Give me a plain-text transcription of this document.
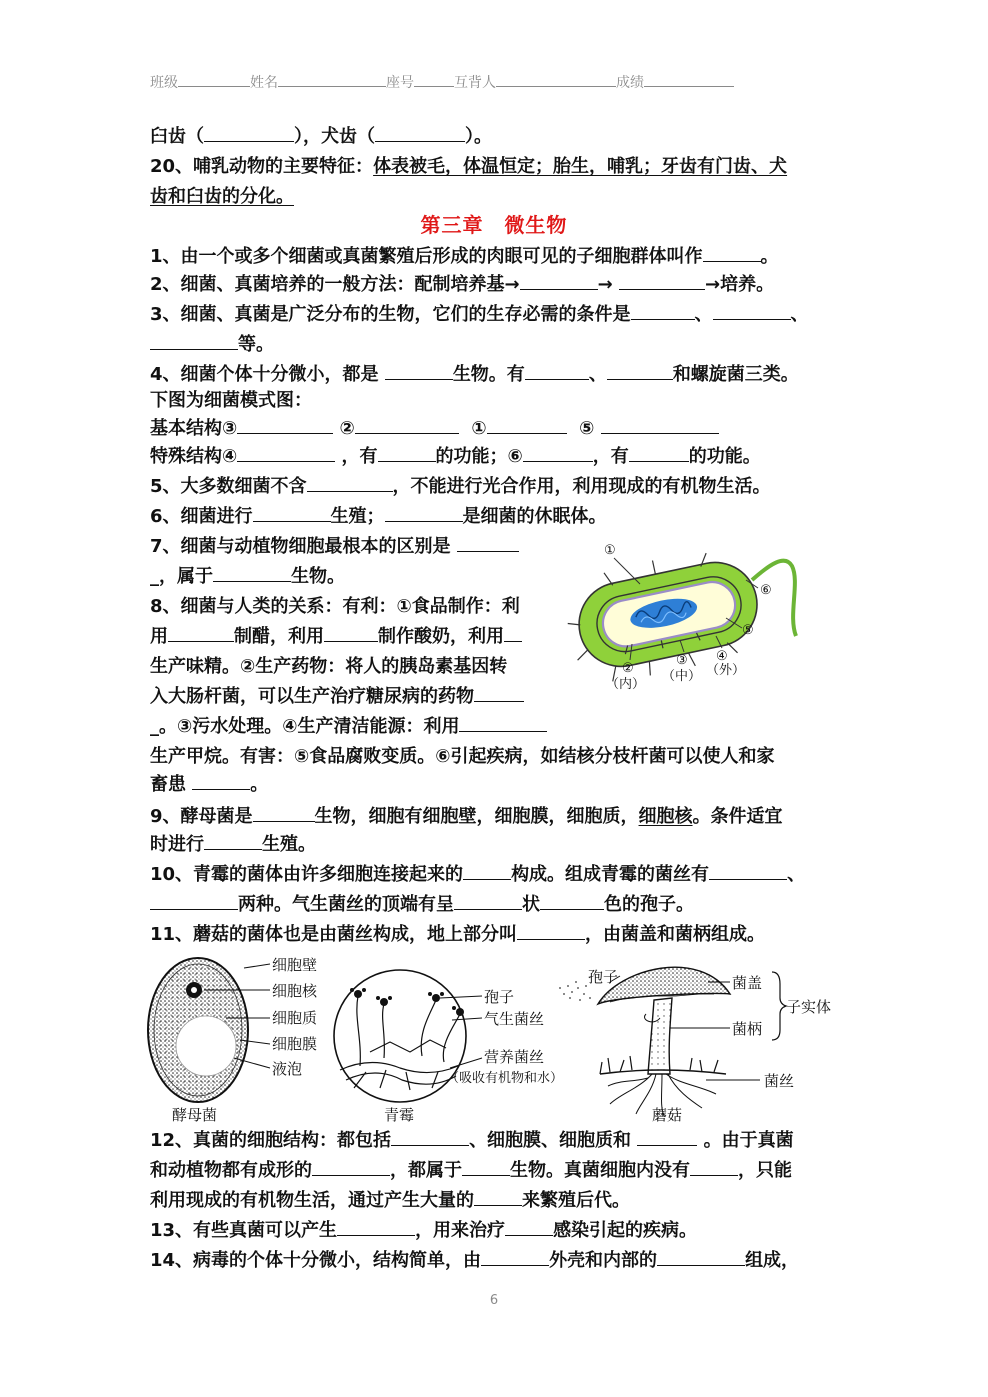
班级	姓名	座号	互背人	成绩
臼齿（	），犬齿（	）。
20、哺乳动物的主要特征：体表被毛，体温恒定；胎生，哺乳；牙齿有门齿、犬
齿和臼齿的分化。
第三章 微生物
1、由一个或多个细菌或真菌繁殖后形成的肉眼可见的子细胞群体叫作	。
2、细菌、真菌培养的一般方法：配制培养基→	→	→培养。
3、细菌、真菌是广泛分布的生物，它们的生存必需的条件是	、	、
等。
4、细菌个体十分微小，都是	生物。有	、	和螺旋菌三类。
下图为细菌模式图：
基本结构③	②	①	⑤
特殊结构④	，有	的功能；⑥	，有	的功能。
5、大多数细菌不含	，不能进行光合作用，利用现成的有机物生活。
6、细菌进行	生殖；	是细菌的休眠体。
7、细菌与动植物细胞最根本的区别是
_，属于	生物。
8、细菌与人类的关系：有利：①食品制作：利
用	制醋，利用	制作酸奶，利用
生产味精。②生产药物：将人的胰岛素基因转
入大肠杆菌，可以生产治疗糖尿病的药物
_。③污水处理。④生产清洁能源：利用
生产甲烷。有害：⑤食品腐败变质。⑥引起疾病，如结核分枝杆菌可以使人和家
畜患	。
9、酵母菌是	生物，细胞有细胞壁，细胞膜，细胞质，细胞核。条件适宜
时进行	生殖。
10、青霉的菌体由许多细胞连接起来的	构成。组成青霉的菌丝有	、
两种。气生菌丝的顶端有呈	状	色的孢子。
11、蘑菇的菌体也是由菌丝构成，地上部分叫	，由菌盖和菌柄组成。
①
⑥
⑤
②
③ ④
（内）
（中） （外）
细胞壁
细胞核
细胞质
细胞膜
液泡
酵母菌
孢子
气生菌丝
营养菌丝
（吸收有机物和水）
青霉
孢子	菌盖
菌柄
子实体
菌丝
蘑菇
12、真菌的细胞结构：都包括	、细胞膜、细胞质和	。由于真菌
和动植物都有成形的	，都属于	生物。真菌细胞内没有	，只能
利用现成的有机物生活，通过产生大量的	来繁殖后代。
13、有些真菌可以产生	，用来治疗	感染引起的疾病。
14、病毒的个体十分微小，结构简单，由	外壳和内部的	组成，
6
